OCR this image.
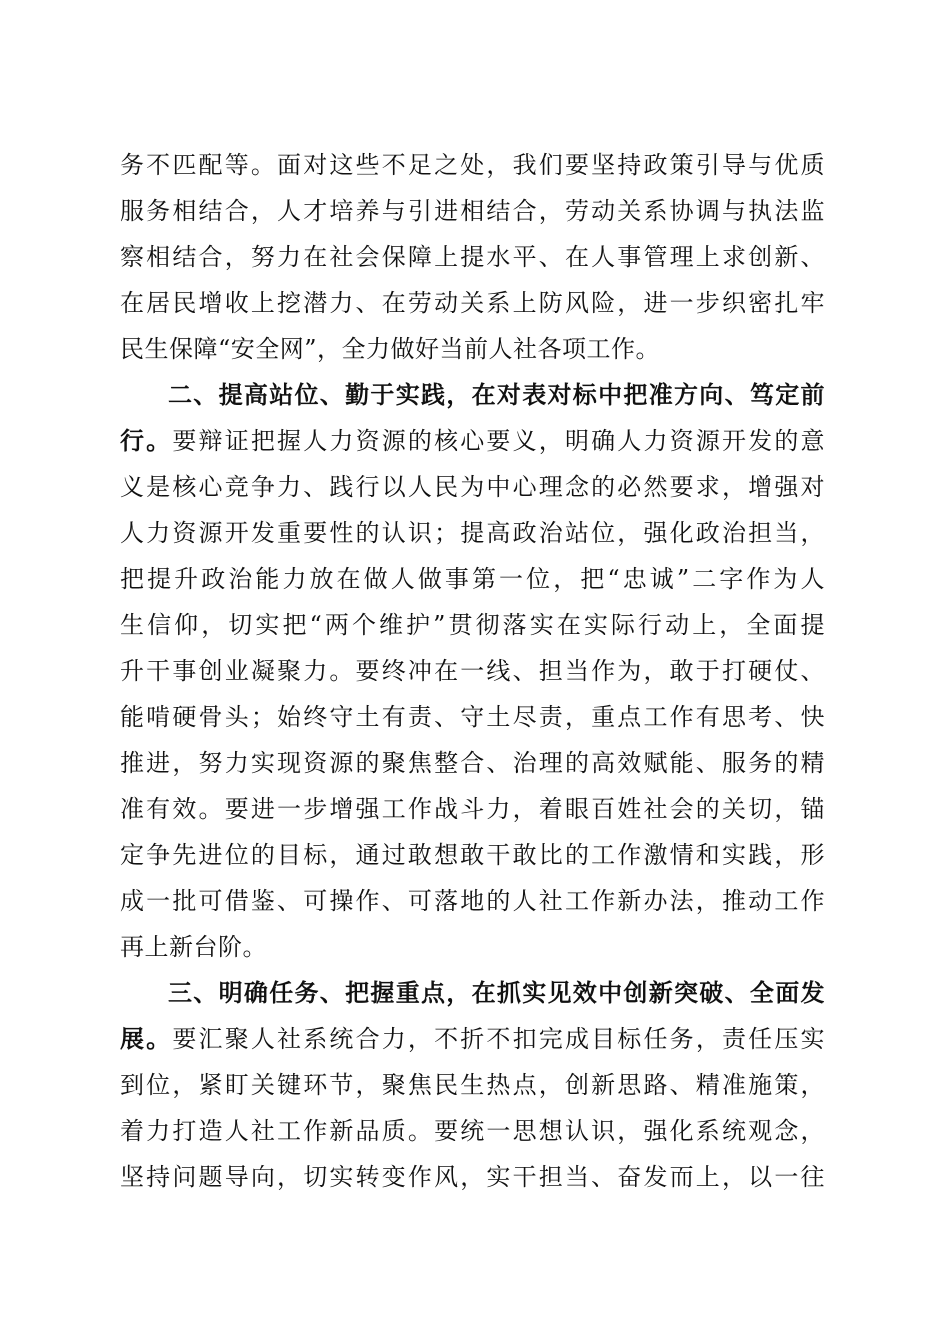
务不匹配等。面对这些不足之处，我们要坚持政策引导与优质
服务相结合，人才培养与引进相结合，劳动关系协调与执法监
察相结合，努力在社会保障上提水平、在人事管理上求创新、
在居民增收上挖潜力、在劳动关系上防风险，进一步织密扎牢
民生保障“安全网”，全力做好当前人社各项工作。
二、提高站位、勤于实践，在对表对标中把准方向、笃定前
行。要辩证把握人力资源的核心要义，明确人力资源开发的意
义是核心竞争力、践行以人民为中心理念的必然要求，增强对
人力资源开发重要性的认识；提高政治站位，强化政治担当，
把提升政治能力放在做人做事第一位，把“忠诚”二字作为人
生信仰，切实把“两个维护”贯彻落实在实际行动上，全面提
升干事创业凝聚力。要终冲在一线、担当作为，敢于打硬仗、
能啃硬骨头；始终守土有责、守土尽责，重点工作有思考、快
推进，努力实现资源的聚焦整合、治理的高效赋能、服务的精
准有效。要进一步增强工作战斗力，着眼百姓社会的关切，锚
定争先进位的目标，通过敢想敢干敢比的工作激情和实践，形
成一批可借鉴、可操作、可落地的人社工作新办法，推动工作
再上新台阶。
三、明确任务、把握重点，在抓实见效中创新突破、全面发
展。要汇聚人社系统合力，不折不扣完成目标任务，责任压实
到位，紧盯关键环节，聚焦民生热点，创新思路、精准施策，
着力打造人社工作新品质。要统一思想认识，强化系统观念，
坚持问题导向，切实转变作风，实干担当、奋发而上，以一往
